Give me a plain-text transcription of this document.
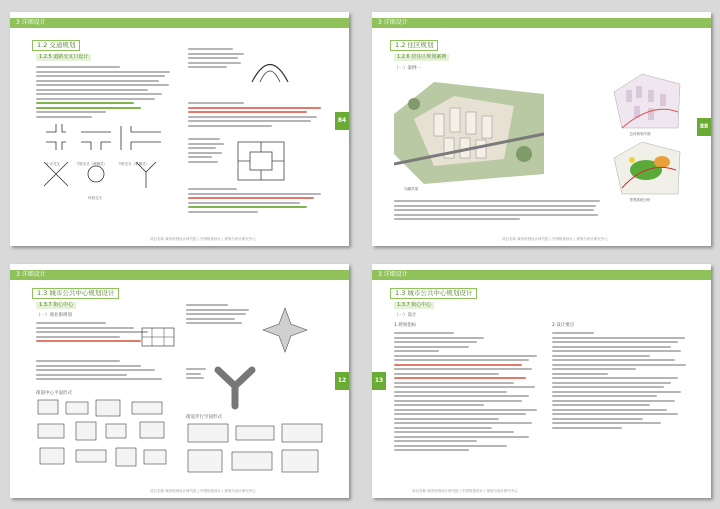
3 详细设计
1.2 交通规划
1.2.5 道路交叉口设计
十字交叉	T形交叉（两侧式）	T形交叉（单侧式）
环形交叉
84
项目名称 城市规划设计研究院 | 中国规划设计 | 规划与设计研究中心
3 详细设计
1.2 住区规划
1.2.6 居住区规划案例
（一）案例一
鸟瞰效果
总体规划平面
景观系统分析
88
项目名称 城市规划设计研究院 | 中国规划设计 | 规划与设计研究中心
3 详细设计
1.3 城市公共中心规划设计
1.3.7 街心中心
（一）商业街规划
街道中心平面形式
街道步行空间形式
12
项目名称 城市规划设计研究院 | 中国规划设计 | 规划与设计研究中心
3 详细设计
1.3 城市公共中心规划设计
1.3.7 街心中心
（一）设计
1.规划指标	2.设计要点
13
项目名称 城市规划设计研究院 | 中国规划设计 | 规划与设计研究中心
